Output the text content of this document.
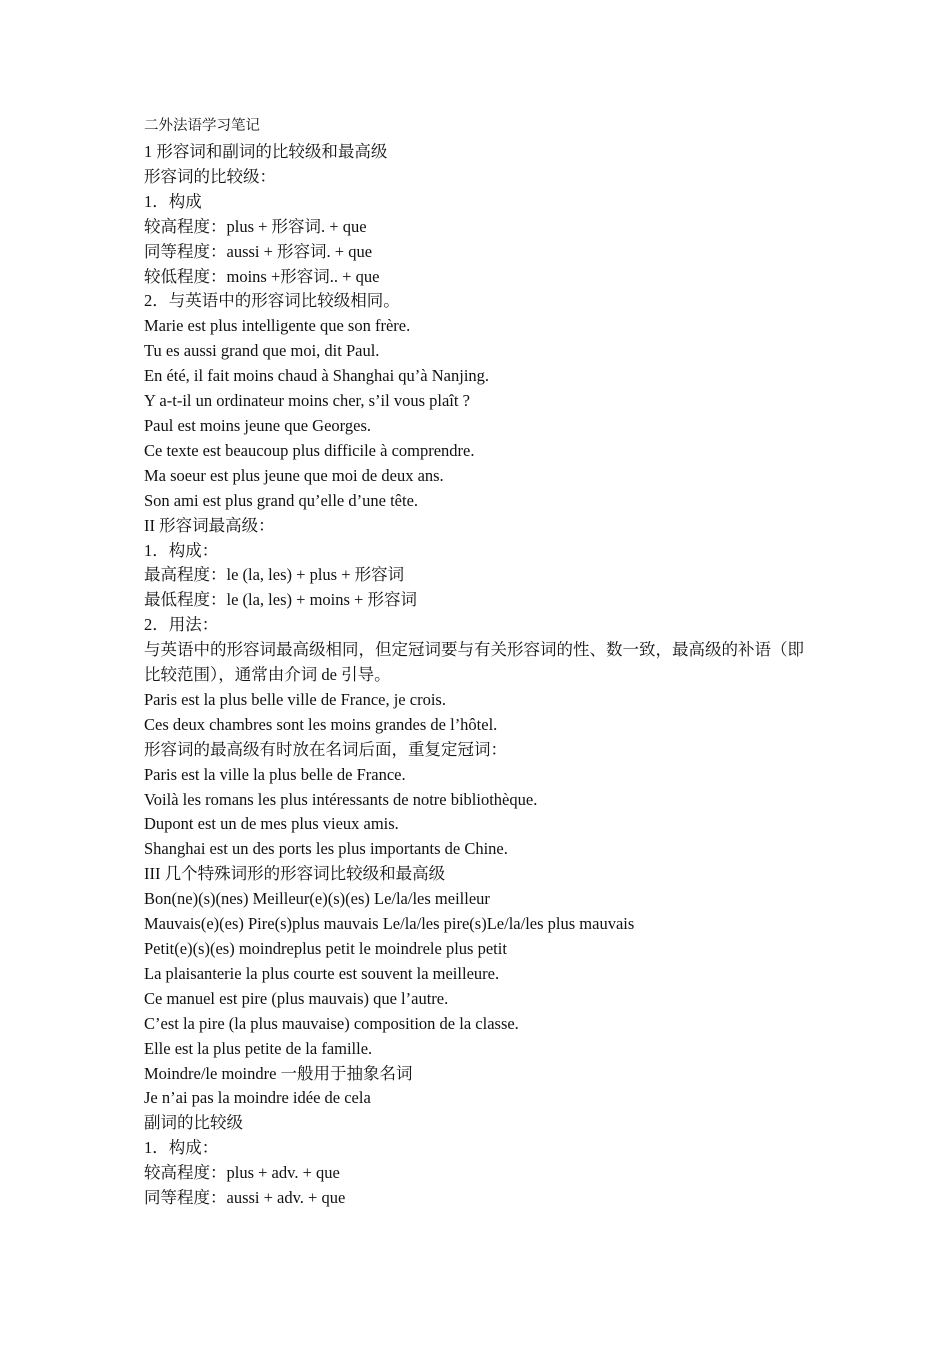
二外法语学习笔记
1 形容词和副词的比较级和最高级
形容词的比较级：
1．构成
较高程度：plus + 形容词. + que
同等程度：aussi + 形容词. + que
较低程度：moins +形容词.. + que
2．与英语中的形容词比较级相同。
Marie est plus intelligente que son frère.
Tu es aussi grand que moi, dit Paul.
En été, il fait moins chaud à Shanghai qu’à Nanjing.
Y a-t-il un ordinateur moins cher, s’il vous plaît ?
Paul est moins jeune que Georges.
Ce texte est beaucoup plus difficile à comprendre.
Ma soeur est plus jeune que moi de deux ans.
Son ami est plus grand qu’elle d’une tête.
II 形容词最高级：
1．构成：
最高程度：le (la, les) + plus + 形容词
最低程度：le (la, les) + moins + 形容词
2．用法：
与英语中的形容词最高级相同，但定冠词要与有关形容词的性、数一致，最高级的补语（即比较范围），通常由介词 de 引导。
Paris est la plus belle ville de France, je crois.
Ces deux chambres sont les moins grandes de l’hôtel.
形容词的最高级有时放在名词后面，重复定冠词：
Paris est la ville la plus belle de France.
Voilà les romans les plus intéressants de notre bibliothèque.
Dupont est un de mes plus vieux amis.
Shanghai est un des ports les plus importants de Chine.
III 几个特殊词形的形容词比较级和最高级
Bon(ne)(s)(nes) Meilleur(e)(s)(es) Le/la/les meilleur
Mauvais(e)(es) Pire(s)plus mauvais Le/la/les pire(s)Le/la/les plus mauvais
Petit(e)(s)(es) moindreplus petit le moindrele plus petit
La plaisanterie la plus courte est souvent la meilleure.
Ce manuel est pire (plus mauvais) que l’autre.
C’est la pire (la plus mauvaise) composition de la classe.
Elle est la plus petite de la famille.
Moindre/le moindre 一般用于抽象名词
Je n’ai pas la moindre idée de cela
副词的比较级
1．构成：
较高程度：plus + adv. + que
同等程度：aussi + adv. + que
